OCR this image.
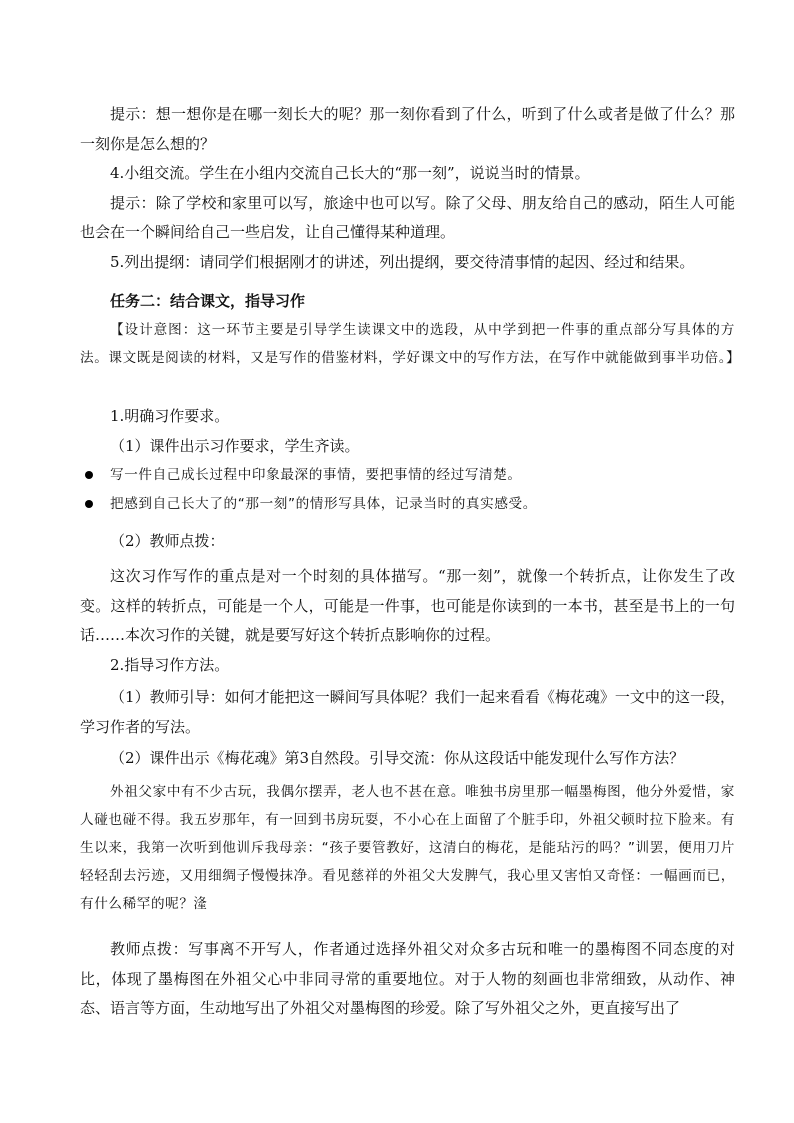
提示：想一想你是在哪一刻长大的呢？那一刻你看到了什么，听到了什么或者是做了什么？那一刻你是怎么想的？

4.小组交流。学生在小组内交流自己长大的“那一刻”，说说当时的情景。

提示：除了学校和家里可以写，旅途中也可以写。除了父母、朋友给自己的感动，陌生人可能也会在一个瞬间给自己一些启发，让自己懂得某种道理。

5.列出提纲：请同学们根据刚才的讲述，列出提纲，要交待清事情的起因、经过和结果。

任务二：结合课文，指导习作

【设计意图：这一环节主要是引导学生读课文中的选段，从中学到把一件事的重点部分写具体的方法。课文既是阅读的材料，又是写作的借鉴材料，学好课文中的写作方法，在写作中就能做到事半功倍。】

1.明确习作要求。

（1）课件出示习作要求，学生齐读。

写一件自己成长过程中印象最深的事情，要把事情的经过写清楚。
把感到自己长大了的“那一刻”的情形写具体，记录当时的真实感受。

（2）教师点拨：

这次习作写作的重点是对一个时刻的具体描写。“那一刻”，就像一个转折点，让你发生了改变。这样的转折点，可能是一个人，可能是一件事，也可能是你读到的一本书，甚至是书上的一句话……本次习作的关键，就是要写好这个转折点影响你的过程。

2.指导习作方法。

（1）教师引导：如何才能把这一瞬间写具体呢？我们一起来看看《梅花魂》一文中的这一段，学习作者的写法。

（2）课件出示《梅花魂》第3自然段。引导交流：你从这段话中能发现什么写作方法？

外祖父家中有不少古玩，我偶尔摆弄，老人也不甚在意。唯独书房里那一幅墨梅图，他分外爱惜，家人碰也碰不得。我五岁那年，有一回到书房玩耍，不小心在上面留了个脏手印，外祖父顿时拉下脸来。有生以来，我第一次听到他训斥我母亲：“孩子要管教好，这清白的梅花，是能玷污的吗？”训罢，便用刀片轻轻刮去污迹，又用细绸子慢慢抹净。看见慈祥的外祖父大发脾气，我心里又害怕又奇怪：一幅画而已，有什么稀罕的呢？湰

教师点拨：写事离不开写人，作者通过选择外祖父对众多古玩和唯一的墨梅图不同态度的对比，体现了墨梅图在外祖父心中非同寻常的重要地位。对于人物的刻画也非常细致，从动作、神态、语言等方面，生动地写出了外祖父对墨梅图的珍爱。除了写外祖父之外，更直接写出了
